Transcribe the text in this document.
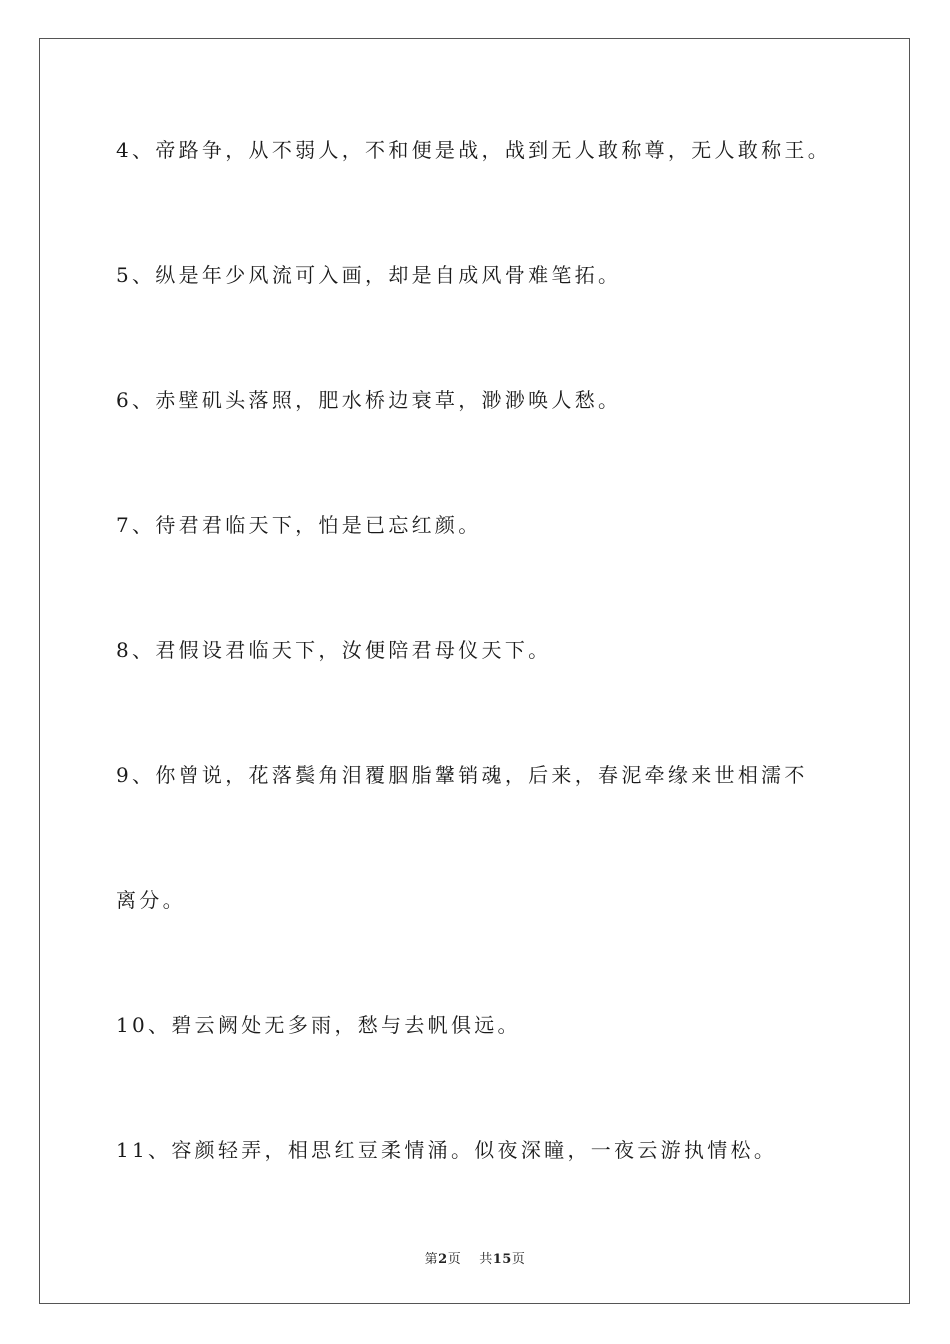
4、帝路争，从不弱人，不和便是战，战到无人敢称尊，无人敢称王。
5、纵是年少风流可入画，却是自成风骨难笔拓。
6、赤壁矶头落照，肥水桥边衰草，渺渺唤人愁。
7、待君君临天下，怕是已忘红颜。
8、君假设君临天下，汝便陪君母仪天下。
9、你曾说，花落鬓角泪覆胭脂鞶销魂，后来，春泥牵缘来世相濡不
离分。
10、碧云阙处无多雨，愁与去帆俱远。
11、容颜轻弄，相思红豆柔情涌。似夜深瞳，一夜云游执情松。
第2页 共15页
